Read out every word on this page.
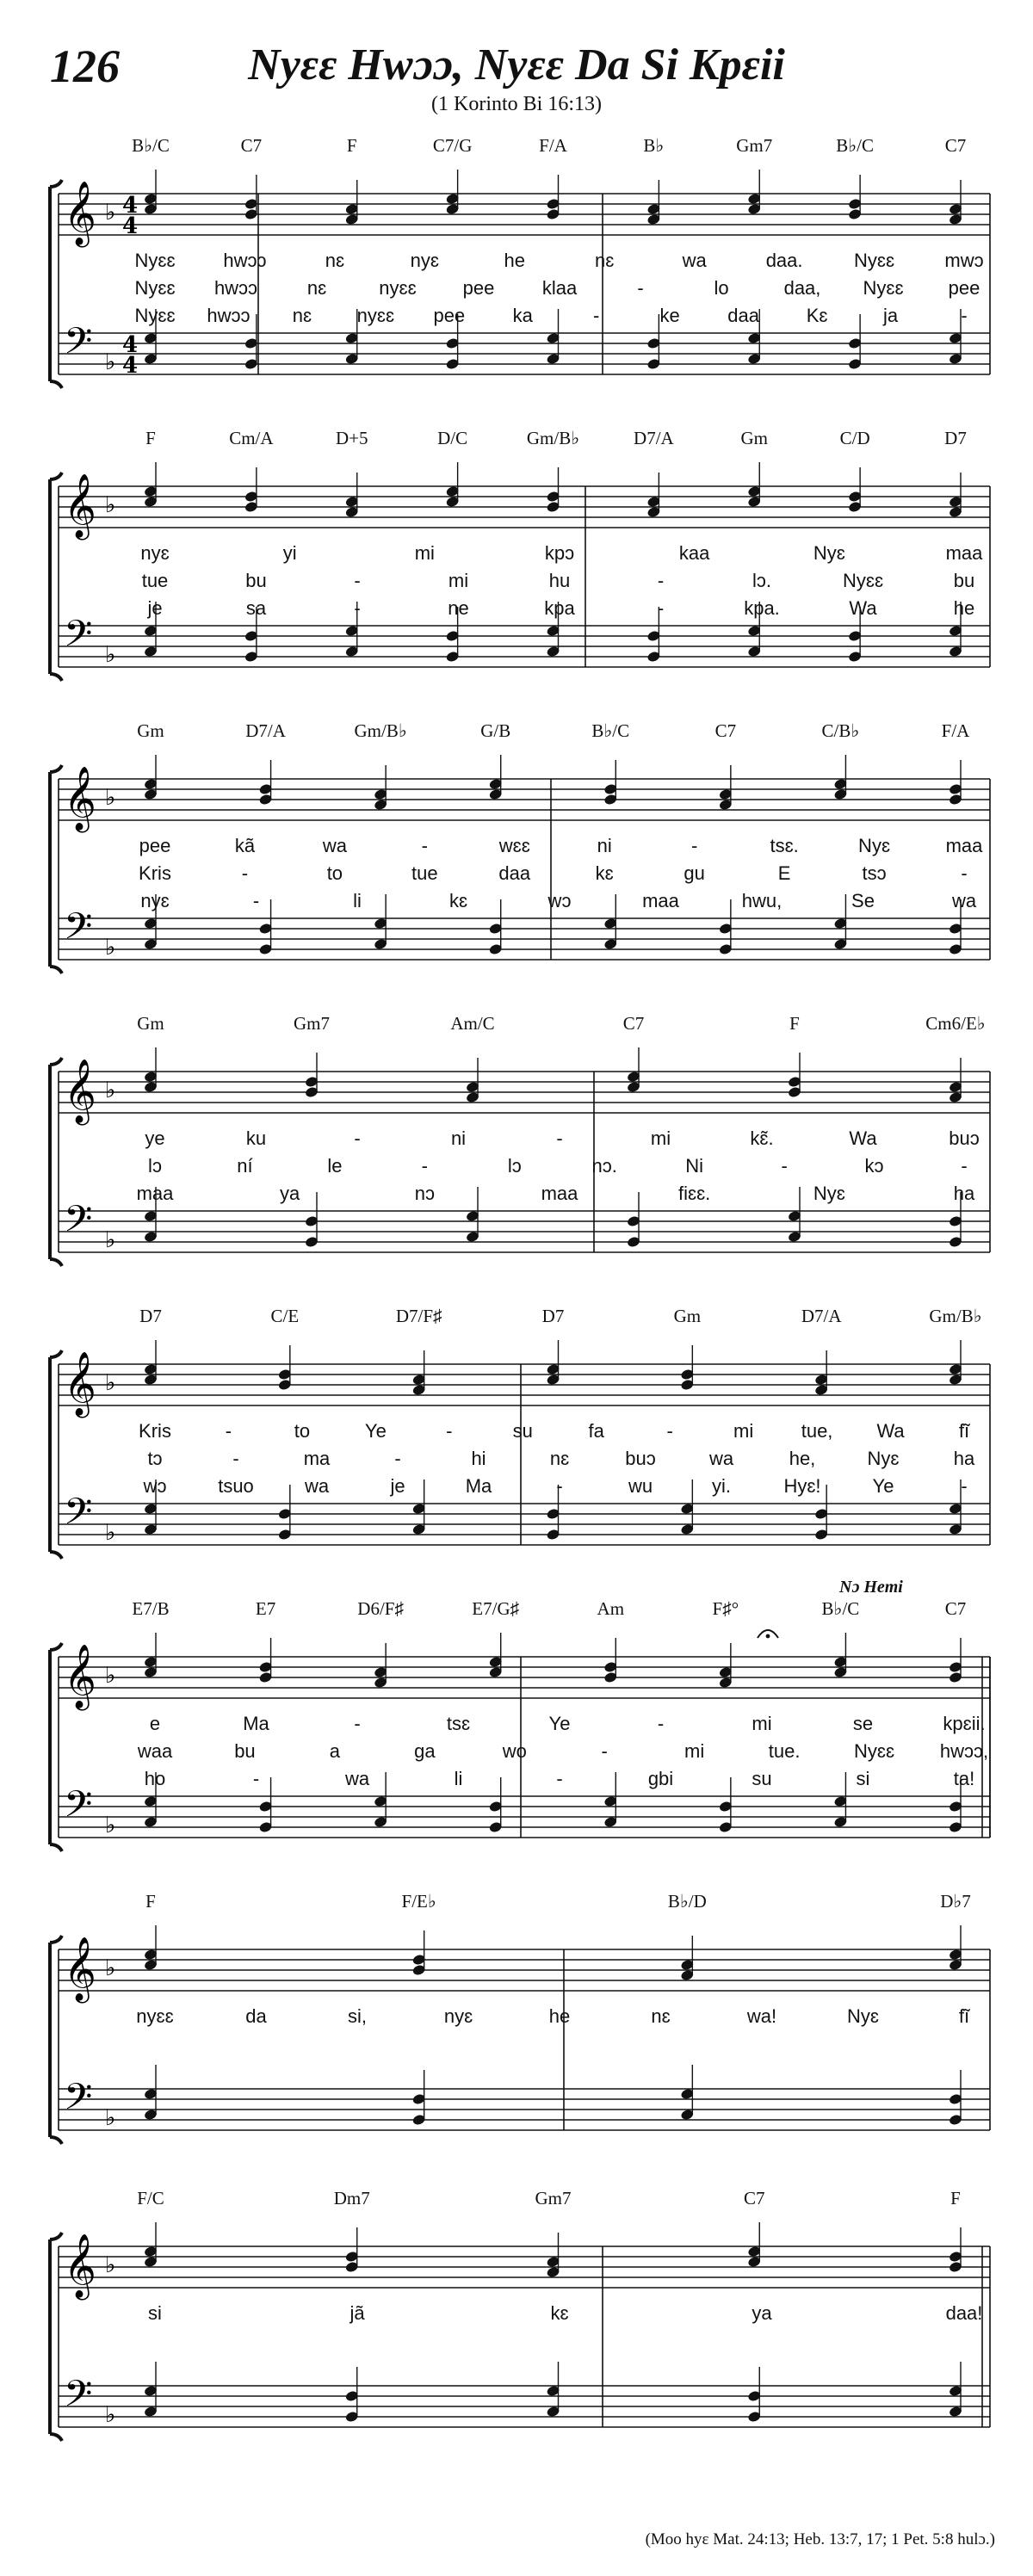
126	Nyɛɛ Hwɔɔ, Nyɛɛ Da Si Kpɛii
(1 Korinto Bi 16:13)
𝄞
𝄢
♭
♭
4
4
4
4
B♭/C	C7	F	C7/G	F/A	B♭	Gm7	B♭/C	C7
Nyɛɛ	hwɔɔ	nɛ	nyɛ	he	nɛ	wa	daa.	Nyɛɛ	mwɔ
Nyɛɛ hwɔɔ	nɛ	nyɛɛ pee	klaa	-	lo	daa, Nyɛɛ pee
Nyɛɛ hwɔɔ nɛ nyɛɛ pee	ka	-	ke	daa Kɛ	ja	-
𝄞
𝄢
♭
♭
F	Cm/A	D+5	D/C	Gm/B♭	D7/A	Gm	C/D	D7
nyɛ	yi	mi	kpɔ	kaa	Nyɛ	maa
tue	bu	-	mi	hu	-	lɔ.	Nyɛɛ	bu
je	sa	-	ne	kpa	-	kpa.	Wa	he
𝄞
𝄢
♭
♭
Gm	D7/A	Gm/B♭	G/B	B♭/C	C7	C/B♭	F/A
pee	kã	wa	-	wɛɛ	ni	-	tsɛ.	Nyɛ	maa
Kris	-	to	tue	daa	kɛ	gu	E	tsɔ	-
nyɛ	-	li	kɛ	wɔ	maa	hwu,	Se	wa
𝄞
𝄢
♭
♭
Gm	Gm7	Am/C	C7	F	Cm6/E♭
ye	ku	-	ni	-	mi	kɛ̃.	Wa	buɔ
lɔ	ní	le	-	lɔ	nɔ.	Ni	-	kɔ	-
maa	ya	nɔ	maa	fiɛɛ.	Nyɛ	ha
𝄞
𝄢
♭
♭
D7	C/E	D7/F♯	D7	Gm	D7/A	Gm/B♭
Kris	-	to	Ye	-	su	fa	-	mi	tue, Wa	fĩ
tɔ	-	ma	-	hi	nɛ	buɔ	wa	he,	Nyɛ	ha
wɔ	tsuo	wa	je	Ma	-	wu	yi.	Hyɛ!	Ye	-
𝄞
𝄢
♭
♭
E7/B	E7	D6/F♯	E7/G♯	Am	F♯°	B♭/C	C7
e	Ma	-	tsɛ	Ye	-	mi	se	kpɛii.
waa	bu	a	ga	wo	-	mi	tue.	Nyɛɛ hwɔɔ,
ho	-	wa	li	-	gbi	su	si	ta!
Nɔ Hemi
𝄞
𝄢
♭
♭
F	F/E♭	B♭/D	D♭7
nyɛɛ	da	si,	nyɛ	he	nɛ	wa!	Nyɛ	fĩ
𝄞
𝄢
♭
♭
F/C	Dm7	Gm7	C7	F
si	jã	kɛ	ya	daa!
(Moo hyɛ Mat. 24:13; Heb. 13:7, 17; 1 Pet. 5:8 hulɔ.)
